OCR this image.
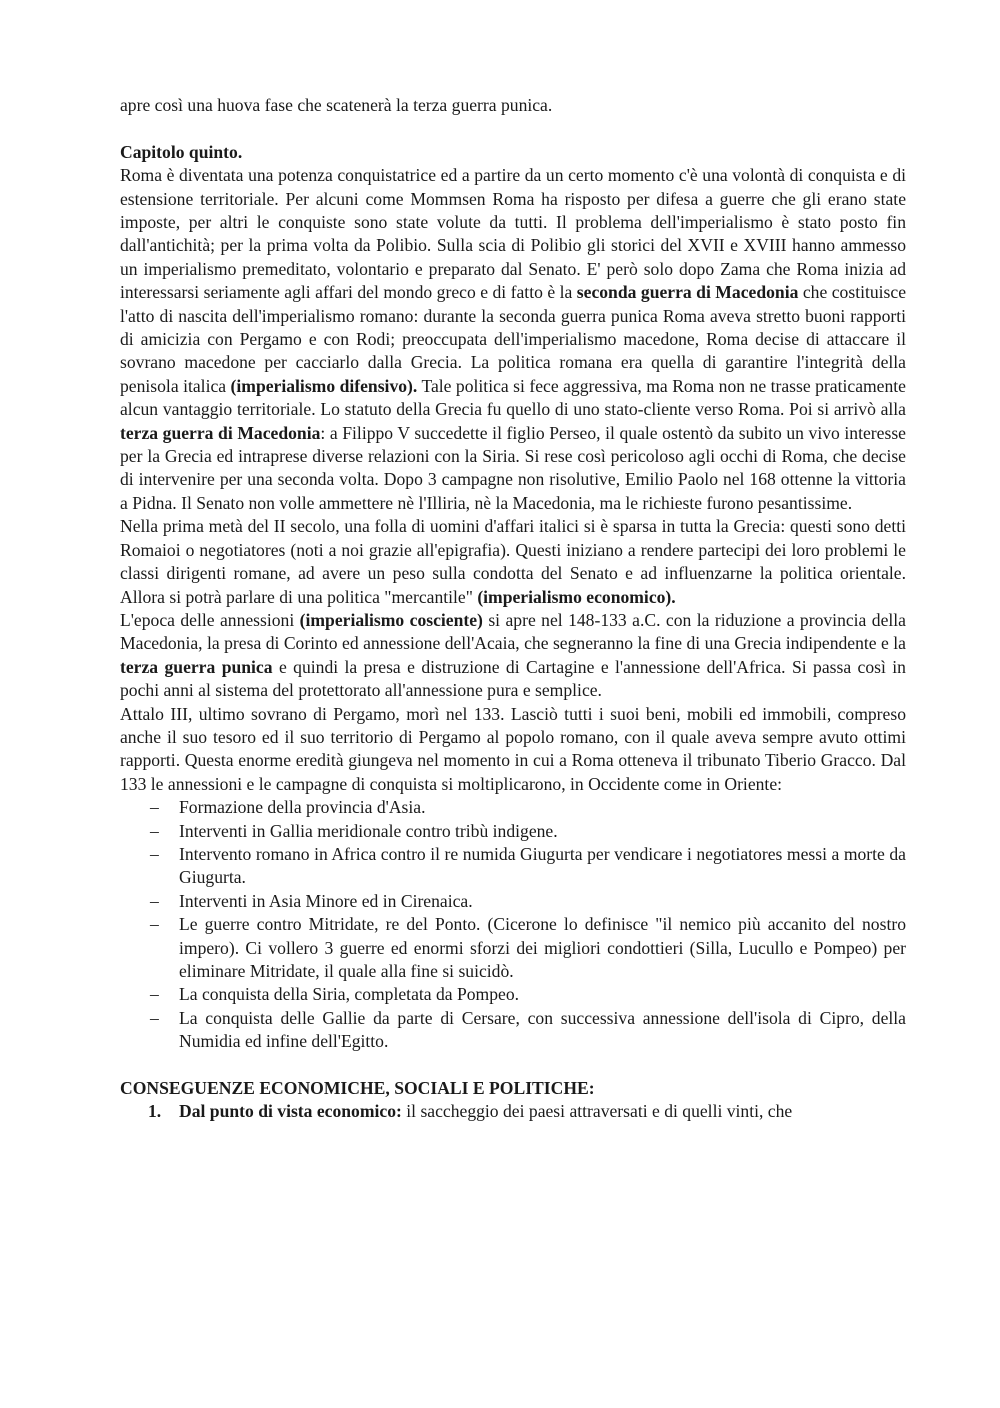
apre così una huova fase che scatenerà la terza guerra punica.

Capitolo quinto.

Roma è diventata una potenza conquistatrice ed a partire da un certo momento c'è una volontà di conquista e di estensione territoriale. Per alcuni come Mommsen Roma ha risposto per difesa a guerre che gli erano state imposte, per altri le conquiste sono state volute da tutti. Il problema dell'imperialismo è stato posto fin dall'antichità; per la prima volta da Polibio. Sulla scia di Polibio gli storici del XVII e XVIII hanno ammesso un imperialismo premeditato, volontario e preparato dal Senato. E' però solo dopo Zama che Roma inizia ad interessarsi seriamente agli affari del mondo greco e di fatto è la seconda guerra di Macedonia che costituisce l'atto di nascita dell'imperialismo romano: durante la seconda guerra punica Roma aveva stretto buoni rapporti di amicizia con Pergamo e con Rodi; preoccupata dell'imperialismo macedone, Roma decise di attaccare il sovrano macedone per cacciarlo dalla Grecia. La politica romana era quella di garantire l'integrità della penisola italica (imperialismo difensivo). Tale politica si fece aggressiva, ma Roma non ne trasse praticamente alcun vantaggio territoriale. Lo statuto della Grecia fu quello di uno stato-cliente verso Roma. Poi si arrivò alla terza guerra di Macedonia: a Filippo V succedette il figlio Perseo, il quale ostentò da subito un vivo interesse per la Grecia ed intraprese diverse relazioni con la Siria. Si rese così pericoloso agli occhi di Roma, che decise di intervenire per una seconda volta. Dopo 3 campagne non risolutive, Emilio Paolo nel 168 ottenne la vittoria a Pidna. Il Senato non volle ammettere nè l'Illiria, nè la Macedonia, ma le richieste furono pesantissime.

Nella prima metà del II secolo, una folla di uomini d'affari italici si è sparsa in tutta la Grecia: questi sono detti Romaioi o negotiatores (noti a noi grazie all'epigrafia). Questi iniziano a rendere partecipi dei loro problemi le classi dirigenti romane, ad avere un peso sulla condotta del Senato e ad influenzarne la politica orientale. Allora si potrà parlare di una politica "mercantile" (imperialismo economico).

L'epoca delle annessioni (imperialismo cosciente) si apre nel 148-133 a.C. con la riduzione a provincia della Macedonia, la presa di Corinto ed annessione dell'Acaia, che segneranno la fine di una Grecia indipendente e la terza guerra punica e quindi la presa e distruzione di Cartagine e l'annessione dell'Africa. Si passa così in pochi anni al sistema del protettorato all'annessione pura e semplice.

Attalo III, ultimo sovrano di Pergamo, morì nel 133. Lasciò tutti i suoi beni, mobili ed immobili, compreso anche il suo tesoro ed il suo territorio di Pergamo al popolo romano, con il quale aveva sempre avuto ottimi rapporti. Questa enorme eredità giungeva nel momento in cui a Roma otteneva il tribunato Tiberio Gracco. Dal 133 le annessioni e le campagne di conquista si moltiplicarono, in Occidente come in Oriente:

– Formazione della provincia d'Asia.
– Interventi in Gallia meridionale contro tribù indigene.
– Intervento romano in Africa contro il re numida Giugurta per vendicare i negotiatores messi a morte da Giugurta.
– Interventi in Asia Minore ed in Cirenaica.
– Le guerre contro Mitridate, re del Ponto. (Cicerone lo definisce "il nemico più accanito del nostro impero). Ci vollero 3 guerre ed enormi sforzi dei migliori condottieri (Silla, Lucullo e Pompeo) per eliminare Mitridate, il quale alla fine si suicidò.
– La conquista della Siria, completata da Pompeo.
– La conquista delle Gallie da parte di Cersare, con successiva annessione dell'isola di Cipro, della Numidia ed infine dell'Egitto.
CONSEGUENZE ECONOMICHE, SOCIALI E POLITICHE:
1. Dal punto di vista economico: il saccheggio dei paesi attraversati e di quelli vinti, che
